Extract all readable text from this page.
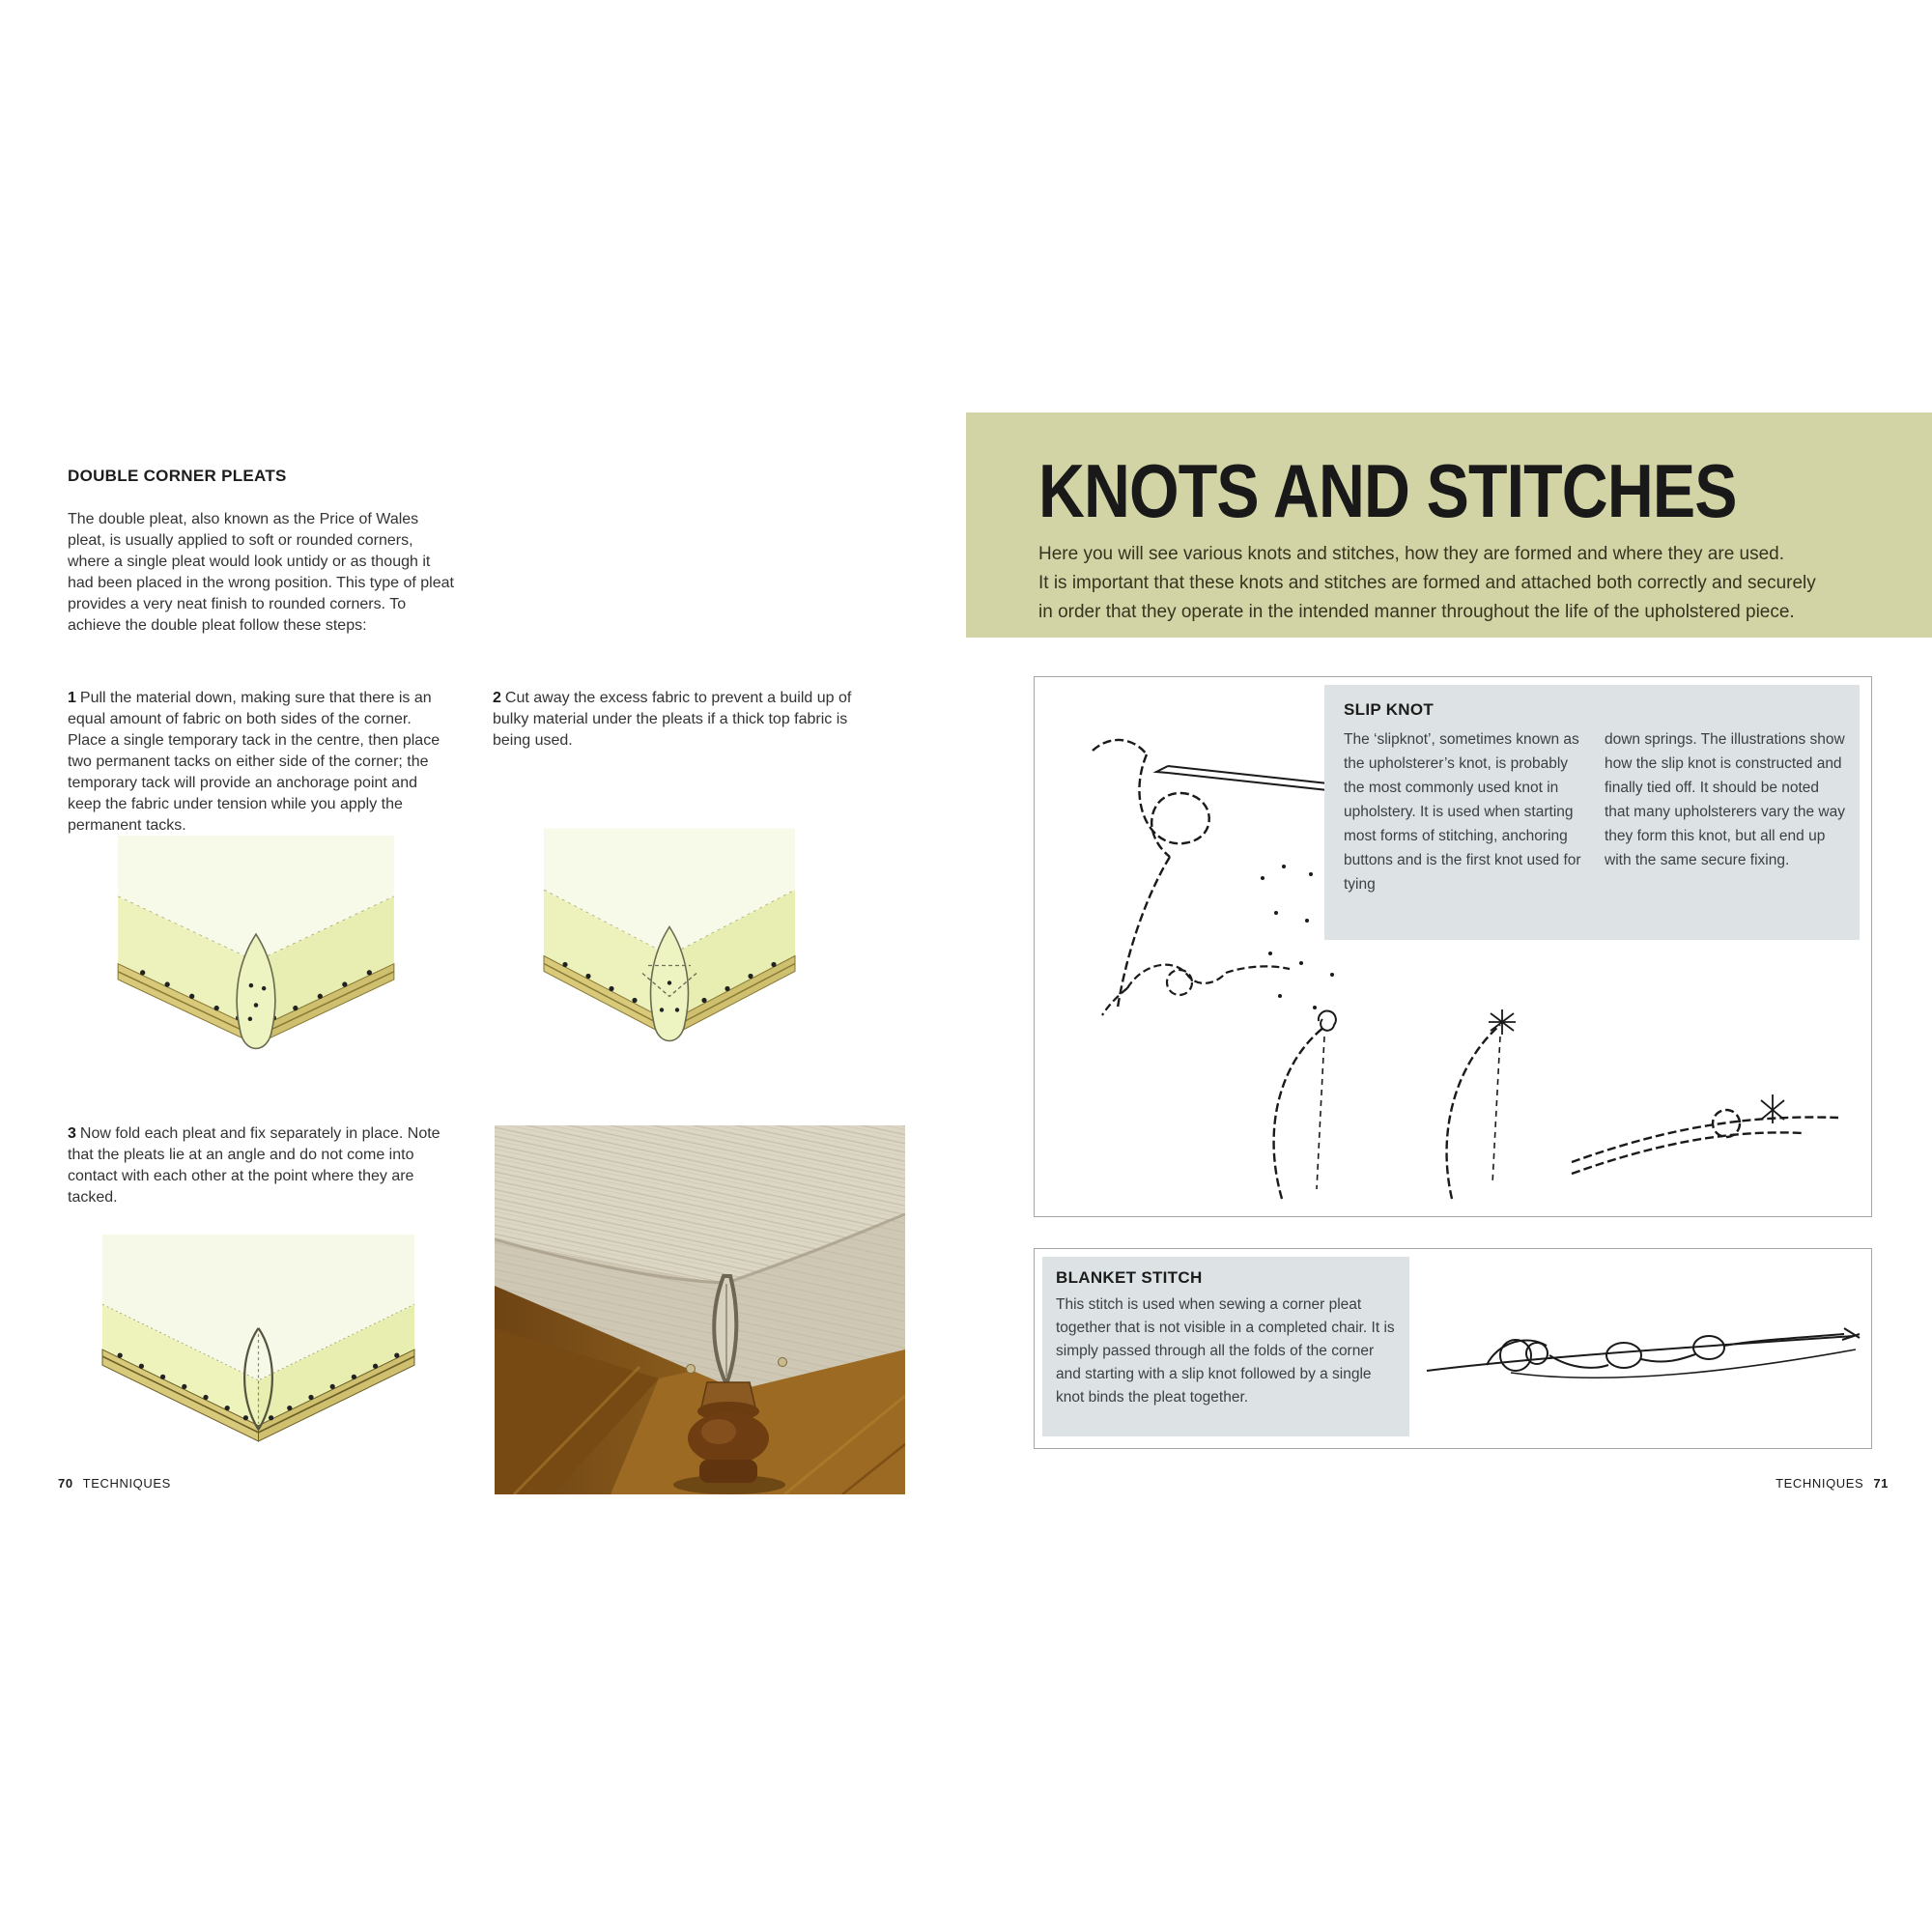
DOUBLE CORNER PLEATS
The double pleat, also known as the Price of Wales pleat, is usually applied to soft or rounded corners, where a single pleat would look untidy or as though it had been placed in the wrong position. This type of pleat provides a very neat finish to rounded corners. To achieve the double pleat follow these steps:
1 Pull the material down, making sure that there is an equal amount of fabric on both sides of the corner. Place a single temporary tack in the centre, then place two permanent tacks on either side of the corner; the temporary tack will provide an anchorage point and keep the fabric under tension while you apply the permanent tacks.
2 Cut away the excess fabric to prevent a build up of bulky material under the pleats if a thick top fabric is being used.
3 Now fold each pleat and fix separately in place. Note that the pleats lie at an angle and do not come into contact with each other at the point where they are tacked.
70 TECHNIQUES
KNOTS AND STITCHES
Here you will see various knots and stitches, how they are formed and where they are used.
It is important that these knots and stitches are formed and attached both correctly and securely
in order that they operate in the intended manner throughout the life of the upholstered piece.
SLIP KNOT
The ‘slipknot’, sometimes known as the upholsterer’s knot, is probably the most commonly used knot in upholstery. It is used when starting most forms of stitching, anchoring buttons and is the first knot used for tying
down springs. The illustrations show how the slip knot is constructed and finally tied off. It should be noted that many upholsterers vary the way they form this knot, but all end up with the same secure fixing.
BLANKET STITCH
This stitch is used when sewing a corner pleat together that is not visible in a completed chair. It is simply passed through all the folds of the corner and starting with a slip knot followed by a single knot binds the pleat together.
TECHNIQUES 71
